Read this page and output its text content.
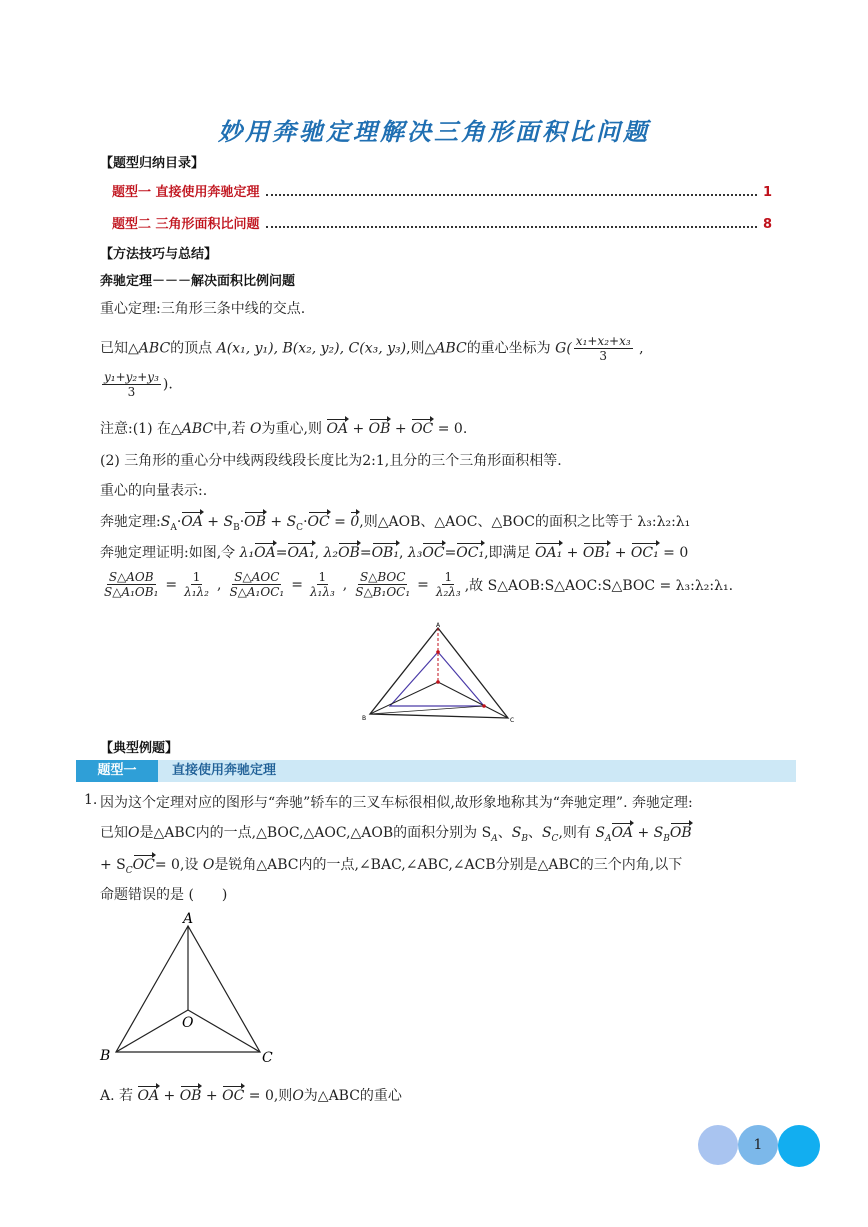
妙用奔驰定理解决三角形面积比问题
【题型归纳目录】
题型一 直接使用奔驰定理	1
题型二 三角形面积比问题	8
【方法技巧与总结】
奔驰定理－－－解决面积比例问题
重心定理:三角形三条中线的交点.
已知△ABC的顶点 A(x₁, y₁), B(x₂, y₂), C(x₃, y₃),则△ABC的重心坐标为 $G( \frac{\text{x₁+x₂+x₃}}{3}$ ,
$\frac{\text{y₁+y₂+y₃}}{3}$ ).
注意:(1) 在△ABC中,若 O为重心,则 OA + OB + OC = 0.
(2) 三角形的重心分中线两段线段长度比为2:1,且分的三个三角形面积相等.
重心的向量表示:.
奔驰定理$:S_A\cdot OA + S_B\cdot OB + S_C\cdot OC = 0$,则△AOB、△AOC、△BOC的面积之比等于 λ₃:λ₂:λ₁
奔驰定理证明:如图,令 λ₁OA=OA₁, λ₂OB=OB₁, λ₃OC=OC₁,即满足 OA₁ + OB₁ + OC₁ = 0
$\frac{\text{S△AOB}}{\text{S△A₁OB₁}} = \frac{1}{\text{λ₁λ₂}}$ , $\frac{\text{S△AOC}}{\text{S△A₁OC₁}} = \frac{1}{\text{λ₁λ₃}}$ , $\frac{\text{S△BOC}}{\text{S△B₁OC₁}} = \frac{1}{\text{λ₂λ₃}}$ ,故 S△AOB:S△AOC:S△BOC = λ₃:λ₂:λ₁.
A
B	C
【典型例题】
题型一	直接使用奔驰定理
1. 因为这个定理对应的图形与“奔驰”轿车的三叉车标很相似,故形象地称其为“奔驰定理”. 奔驰定理:
已知O是△ABC内的一点,△BOC,△AOC,△AOB的面积分别为 $S_A$、$S_B$、$S_C$,则有 $S_AOA + S_BOB$
+ $S_COC= 0$,设 O是锐角△ABC内的一点,∠BAC,∠ABC,∠ACB分别是△ABC的三个内角,以下
命题错误的是 (　　)
A
B	C
O
A. 若 OA + OB + OC = 0,则O为△ABC的重心
1
